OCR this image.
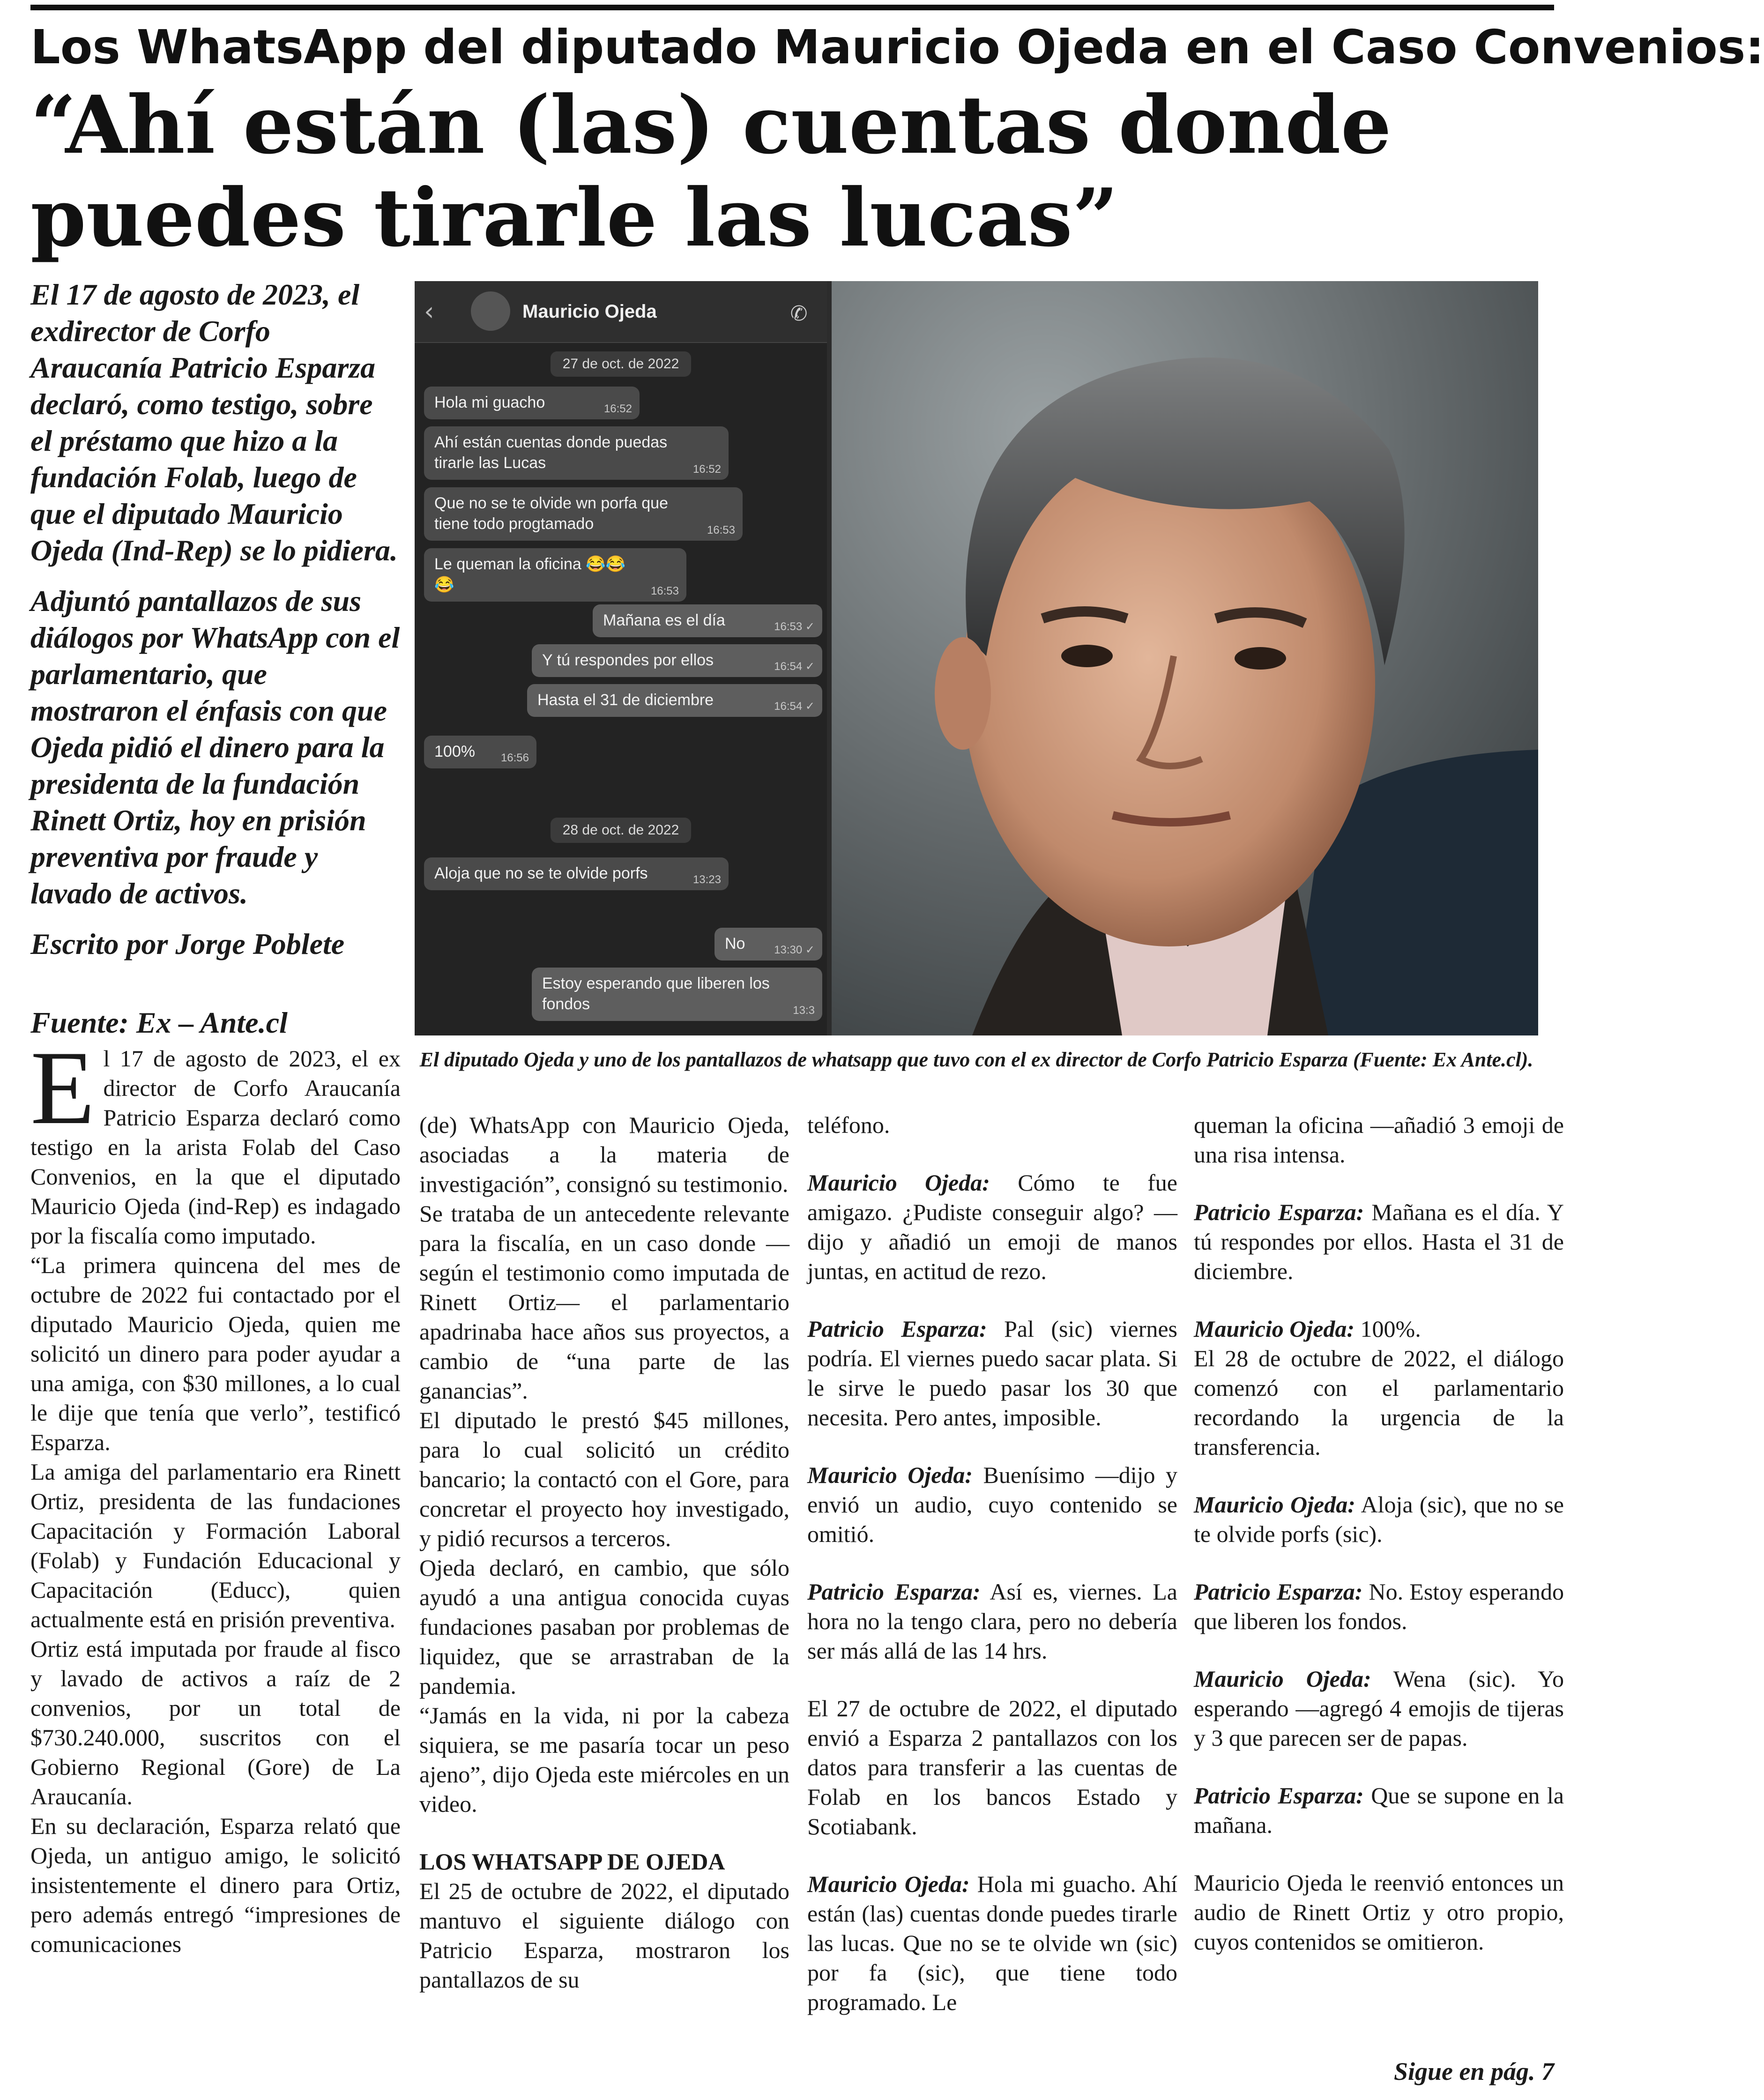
Los WhatsApp del diputado Mauricio Ojeda en el Caso Convenios:
“Ahí están (las) cuentas donde puedes tirarle las lucas”

El 17 de agosto de 2023, el exdirector de Corfo Araucanía Patricio Esparza declaró, como testigo, sobre el préstamo que hizo a la fundación Folab, luego de que el diputado Mauricio Ojeda (Ind-Rep) se lo pidiera.

Adjuntó pantallazos de sus diálogos por WhatsApp con el parlamentario, que mostraron el énfasis con que Ojeda pidió el dinero para la presidenta de la fundación Rinett Ortiz, hoy en prisión preventiva por fraude y lavado de activos.

Escrito por Jorge Poblete

Fuente: Ex – Ante.cl

‹	Mauricio Ojeda	✆
27 de oct. de 2022
Hola mi guacho	16:52
Ahí están cuentas donde puedas tirarle las Lucas	16:52
Que no se te olvide wn porfa que tiene todo progtamado	16:53
Le queman la oficina 😂😂😂	16:53
Mañana es el día	16:53 ✓
Y tú respondes por ellos	16:54 ✓
Hasta el 31 de diciembre	16:54 ✓
100% 16:56
28 de oct. de 2022
Aloja que no se te olvide porfs	13:23
No	13:30 ✓
Estoy esperando que liberen los fondos	13:3
El diputado Ojeda y uno de los pantallazos de whatsapp que tuvo con el ex director de Corfo Patricio Esparza (Fuente: Ex Ante.cl).

El 17 de agosto de 2023, el ex director de Corfo Araucanía Patricio Esparza declaró como testigo en la arista Folab del Caso Convenios, en la que el diputado Mauricio Ojeda (ind-Rep) es indagado por la fiscalía como imputado.

“La primera quincena del mes de octubre de 2022 fui contactado por el diputado Mauricio Ojeda, quien me solicitó un dinero para poder ayudar a una amiga, con $30 millones, a lo cual le dije que tenía que verlo”, testificó Esparza.

La amiga del parlamentario era Rinett Ortiz, presidenta de las fundaciones Capacitación y Formación Laboral (Folab) y Fundación Educacional y Capacitación (Educc), quien actualmente está en prisión preventiva.

Ortiz está imputada por fraude al fisco y lavado de activos a raíz de 2 convenios, por un total de $730.240.000, suscritos con el Gobierno Regional (Gore) de La Araucanía.

En su declaración, Esparza relató que Ojeda, un antiguo amigo, le solicitó insistentemente el dinero para Ortiz, pero además entregó “impresiones de comunicaciones

(de) WhatsApp con Mauricio Ojeda, asociadas a la materia de investigación”, consignó su testimonio.

Se trataba de un antecedente relevante para la fiscalía, en un caso donde —según el testimonio como imputada de Rinett Ortiz— el parlamentario apadrinaba hace años sus proyectos, a cambio de “una parte de las ganancias”.

El diputado le prestó $45 millones, para lo cual solicitó un crédito bancario; la contactó con el Gore, para concretar el proyecto hoy investigado, y pidió recursos a terceros.

Ojeda declaró, en cambio, que sólo ayudó a una antigua conocida cuyas fundaciones pasaban por problemas de liquidez, que se arrastraban de la pandemia.

“Jamás en la vida, ni por la cabeza siquiera, se me pasaría tocar un peso ajeno”, dijo Ojeda este miércoles en un video.

LOS WHATSAPP DE OJEDA

El 25 de octubre de 2022, el diputado mantuvo el siguiente diálogo con Patricio Esparza, mostraron los pantallazos de su

teléfono.

Mauricio Ojeda: Cómo te fue amigazo. ¿Pudiste conseguir algo? —dijo y añadió un emoji de manos juntas, en actitud de rezo.

Patricio Esparza: Pal (sic) viernes podría. El viernes puedo sacar plata. Si le sirve le puedo pasar los 30 que necesita. Pero antes, imposible.

Mauricio Ojeda: Buenísimo —dijo y envió un audio, cuyo contenido se omitió.

Patricio Esparza: Así es, viernes. La hora no la tengo clara, pero no debería ser más allá de las 14 hrs.

El 27 de octubre de 2022, el diputado envió a Esparza 2 pantallazos con los datos para transferir a las cuentas de Folab en los bancos Estado y Scotiabank.

Mauricio Ojeda: Hola mi guacho. Ahí están (las) cuentas donde puedes tirarle las lucas. Que no se te olvide wn (sic) por fa (sic), que tiene todo programado. Le

queman la oficina —añadió 3 emoji de una risa intensa.

Patricio Esparza: Mañana es el día. Y tú respondes por ellos. Hasta el 31 de diciembre.

Mauricio Ojeda: 100%.

El 28 de octubre de 2022, el diálogo comenzó con el parlamentario recordando la urgencia de la transferencia.

Mauricio Ojeda: Aloja (sic), que no se te olvide porfs (sic).

Patricio Esparza: No. Estoy esperando que liberen los fondos.

Mauricio Ojeda: Wena (sic). Yo esperando —agregó 4 emojis de tijeras y 3 que parecen ser de papas.

Patricio Esparza: Que se supone en la mañana.

Mauricio Ojeda le reenvió entonces un audio de Rinett Ortiz y otro propio, cuyos contenidos se omitieron.

Sigue en pág. 7
